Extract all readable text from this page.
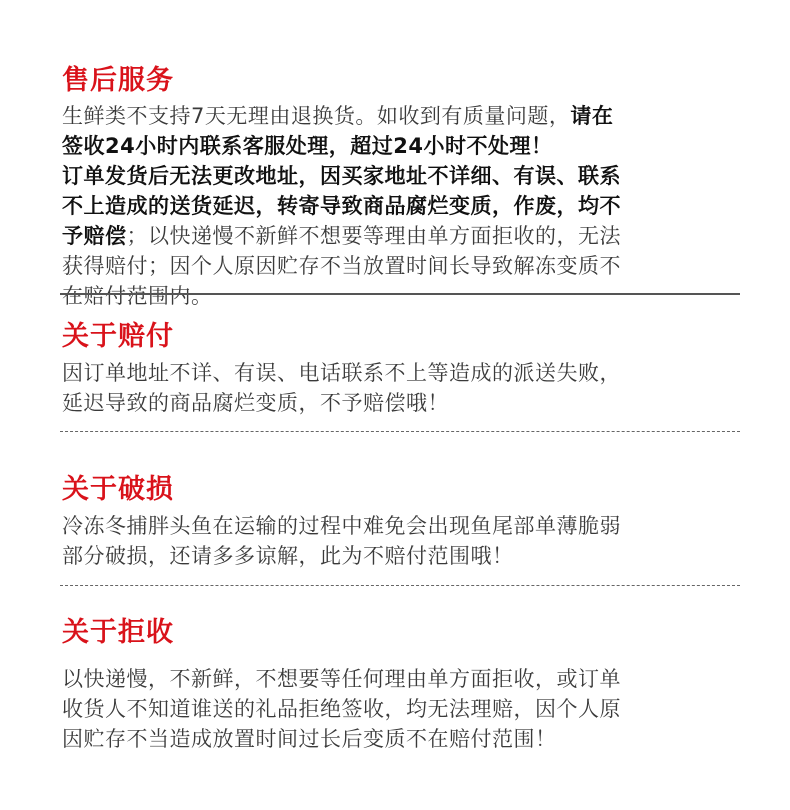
售后服务
生鲜类不支持7天无理由退换货。如收到有质量问题，请在
签收24小时内联系客服处理，超过24小时不处理！
订单发货后无法更改地址，因买家地址不详细、有误、联系
不上造成的送货延迟，转寄导致商品腐烂变质，作废，均不
予赔偿；以快递慢不新鲜不想要等理由单方面拒收的，无法
获得赔付；因个人原因贮存不当放置时间长导致解冻变质不
在赔付范围内。
关于赔付
因订单地址不详、有误、电话联系不上等造成的派送失败，
延迟导致的商品腐烂变质，不予赔偿哦！
关于破损
冷冻冬捕胖头鱼在运输的过程中难免会出现鱼尾部单薄脆弱
部分破损，还请多多谅解，此为不赔付范围哦！
关于拒收
以快递慢，不新鲜，不想要等任何理由单方面拒收，或订单
收货人不知道谁送的礼品拒绝签收，均无法理赔，因个人原
因贮存不当造成放置时间过长后变质不在赔付范围！
